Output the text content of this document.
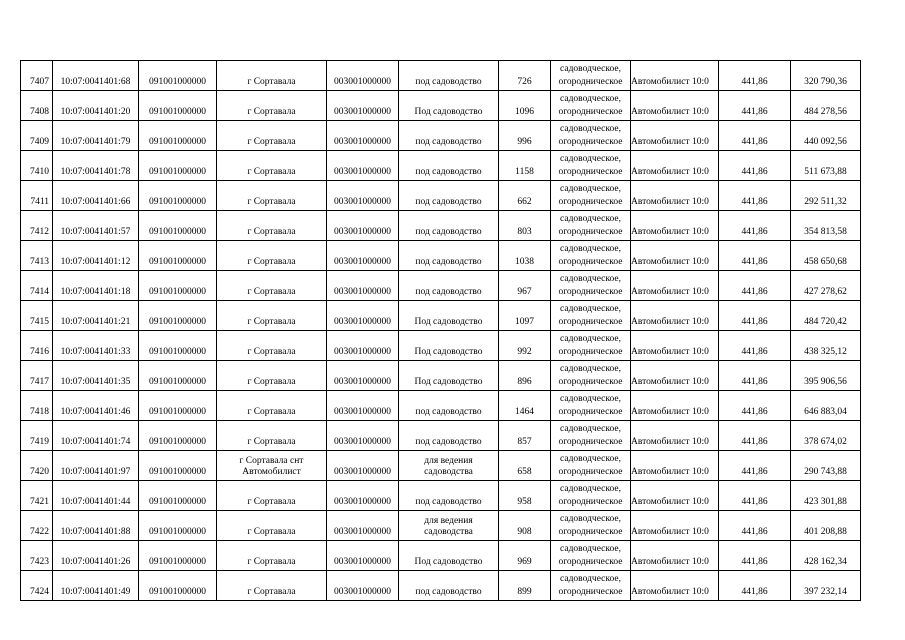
7407	10:07:0041401:68	091001000000	г Сортавала	003001000000	под садоводство	726	садоводческое,
огородническое	Автомобилист 10:0	441,86	320 790,36
7408	10:07:0041401:20	091001000000	г Сортавала	003001000000	Под садоводство	1096	садоводческое,
огородническое	Автомобилист 10:0	441,86	484 278,56
7409	10:07:0041401:79	091001000000	г Сортавала	003001000000	под садоводство	996	садоводческое,
огородническое	Автомобилист 10:0	441,86	440 092,56
7410	10:07:0041401:78	091001000000	г Сортавала	003001000000	под садоводство	1158	садоводческое,
огородническое	Автомобилист 10:0	441,86	511 673,88
7411	10:07:0041401:66	091001000000	г Сортавала	003001000000	под садоводство	662	садоводческое,
огородническое	Автомобилист 10:0	441,86	292 511,32
7412	10:07:0041401:57	091001000000	г Сортавала	003001000000	под садоводство	803	садоводческое,
огородническое	Автомобилист 10:0	441,86	354 813,58
7413	10:07:0041401:12	091001000000	г Сортавала	003001000000	под садоводство	1038	садоводческое,
огородническое	Автомобилист 10:0	441,86	458 650,68
7414	10:07:0041401:18	091001000000	г Сортавала	003001000000	под садоводство	967	садоводческое,
огородническое	Автомобилист 10:0	441,86	427 278,62
7415	10:07:0041401:21	091001000000	г Сортавала	003001000000	Под садоводство	1097	садоводческое,
огородническое	Автомобилист 10:0	441,86	484 720,42
7416	10:07:0041401:33	091001000000	г Сортавала	003001000000	Под садоводство	992	садоводческое,
огородническое	Автомобилист 10:0	441,86	438 325,12
7417	10:07:0041401:35	091001000000	г Сортавала	003001000000	Под садоводство	896	садоводческое,
огородническое	Автомобилист 10:0	441,86	395 906,56
7418	10:07:0041401:46	091001000000	г Сортавала	003001000000	под садоводство	1464	садоводческое,
огородническое	Автомобилист 10:0	441,86	646 883,04
7419	10:07:0041401:74	091001000000	г Сортавала	003001000000	под садоводство	857	садоводческое,
огородническое	Автомобилист 10:0	441,86	378 674,02
7420	10:07:0041401:97	091001000000	г Сортавала снт
Автомобилист	003001000000	для ведения
садоводства	658	садоводческое,
огородническое	Автомобилист 10:0	441,86	290 743,88
7421	10:07:0041401:44	091001000000	г Сортавала	003001000000	под садоводство	958	садоводческое,
огородническое	Автомобилист 10:0	441,86	423 301,88
7422	10:07:0041401:88	091001000000	г Сортавала	003001000000	для ведения
садоводства	908	садоводческое,
огородническое	Автомобилист 10:0	441,86	401 208,88
7423	10:07:0041401:26	091001000000	г Сортавала	003001000000	Под садоводство	969	садоводческое,
огородническое	Автомобилист 10:0	441,86	428 162,34
7424	10:07:0041401:49	091001000000	г Сортавала	003001000000	под садоводство	899	садоводческое,
огородническое	Автомобилист 10:0	441,86	397 232,14
